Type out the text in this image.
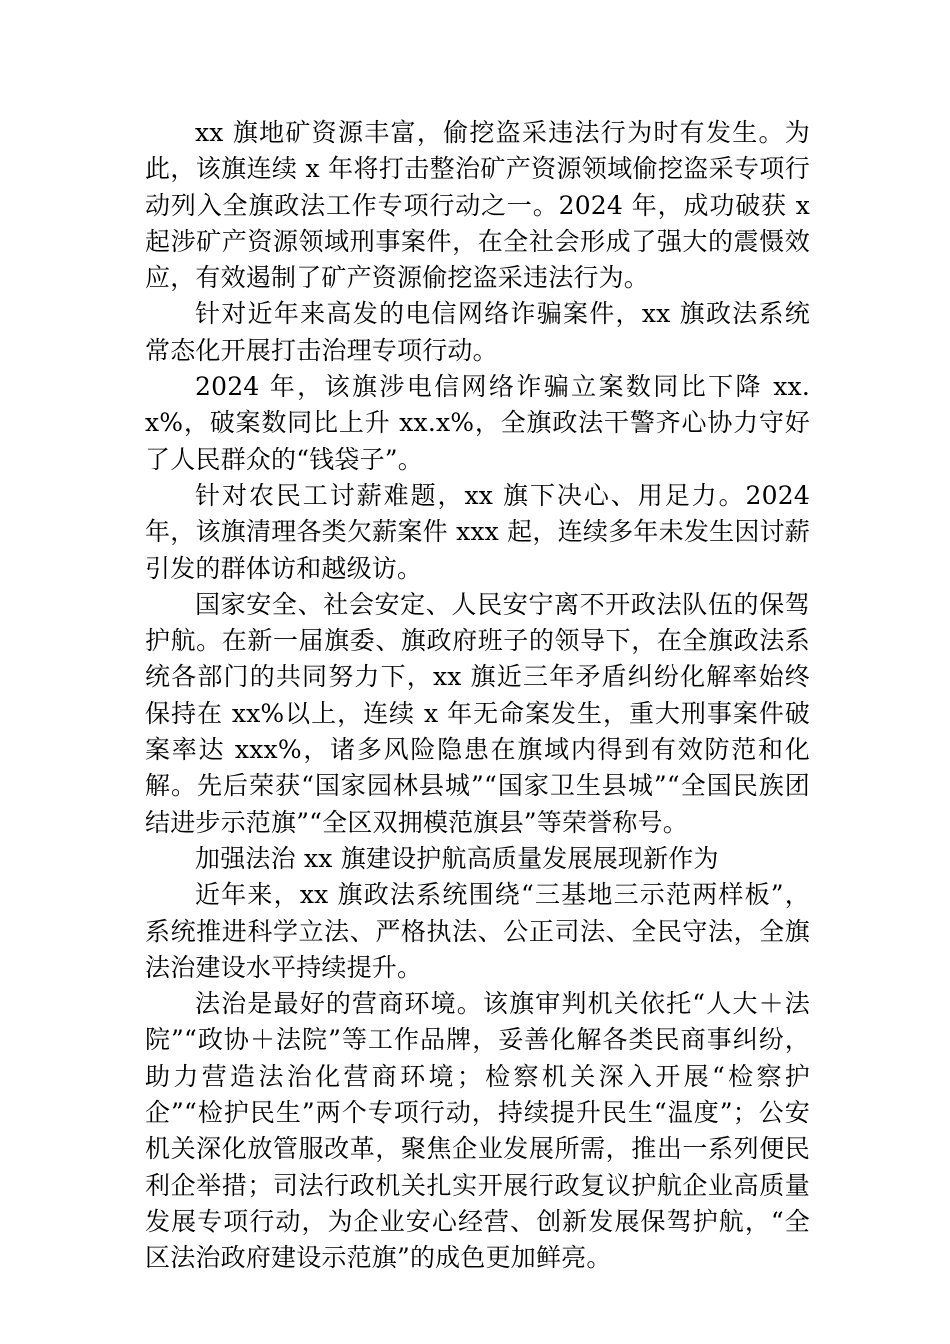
xx 旗地矿资源丰富，偷挖盗采违法行为时有发生。为此，该旗连续 x 年将打击整治矿产资源领域偷挖盗采专项行动列入全旗政法工作专项行动之一。2024 年，成功破获 x 起涉矿产资源领域刑事案件，在全社会形成了强大的震慑效应，有效遏制了矿产资源偷挖盗采违法行为。

针对近年来高发的电信网络诈骗案件，xx 旗政法系统常态化开展打击治理专项行动。

2024 年，该旗涉电信网络诈骗立案数同比下降 xx.x%，破案数同比上升 xx.x%，全旗政法干警齐心协力守好了人民群众的“钱袋子”。

针对农民工讨薪难题，xx 旗下决心、用足力。2024 年，该旗清理各类欠薪案件 xxx 起，连续多年未发生因讨薪引发的群体访和越级访。

国家安全、社会安定、人民安宁离不开政法队伍的保驾护航。在新一届旗委、旗政府班子的领导下，在全旗政法系统各部门的共同努力下，xx 旗近三年矛盾纠纷化解率始终保持在 xx%以上，连续 x 年无命案发生，重大刑事案件破案率达 xxx%，诸多风险隐患在旗域内得到有效防范和化解。先后荣获“国家园林县城”“国家卫生县城”“全国民族团结进步示范旗”“全区双拥模范旗县”等荣誉称号。

加强法治 xx 旗建设护航高质量发展展现新作为

近年来，xx 旗政法系统围绕“三基地三示范两样板”，系统推进科学立法、严格执法、公正司法、全民守法，全旗法治建设水平持续提升。

法治是最好的营商环境。该旗审判机关依托“人大＋法院”“政协＋法院”等工作品牌，妥善化解各类民商事纠纷，助力营造法治化营商环境；检察机关深入开展“检察护企”“检护民生”两个专项行动，持续提升民生“温度”；公安机关深化放管服改革，聚焦企业发展所需，推出一系列便民利企举措；司法行政机关扎实开展行政复议护航企业高质量发展专项行动，为企业安心经营、创新发展保驾护航，“全区法治政府建设示范旗”的成色更加鲜亮。
